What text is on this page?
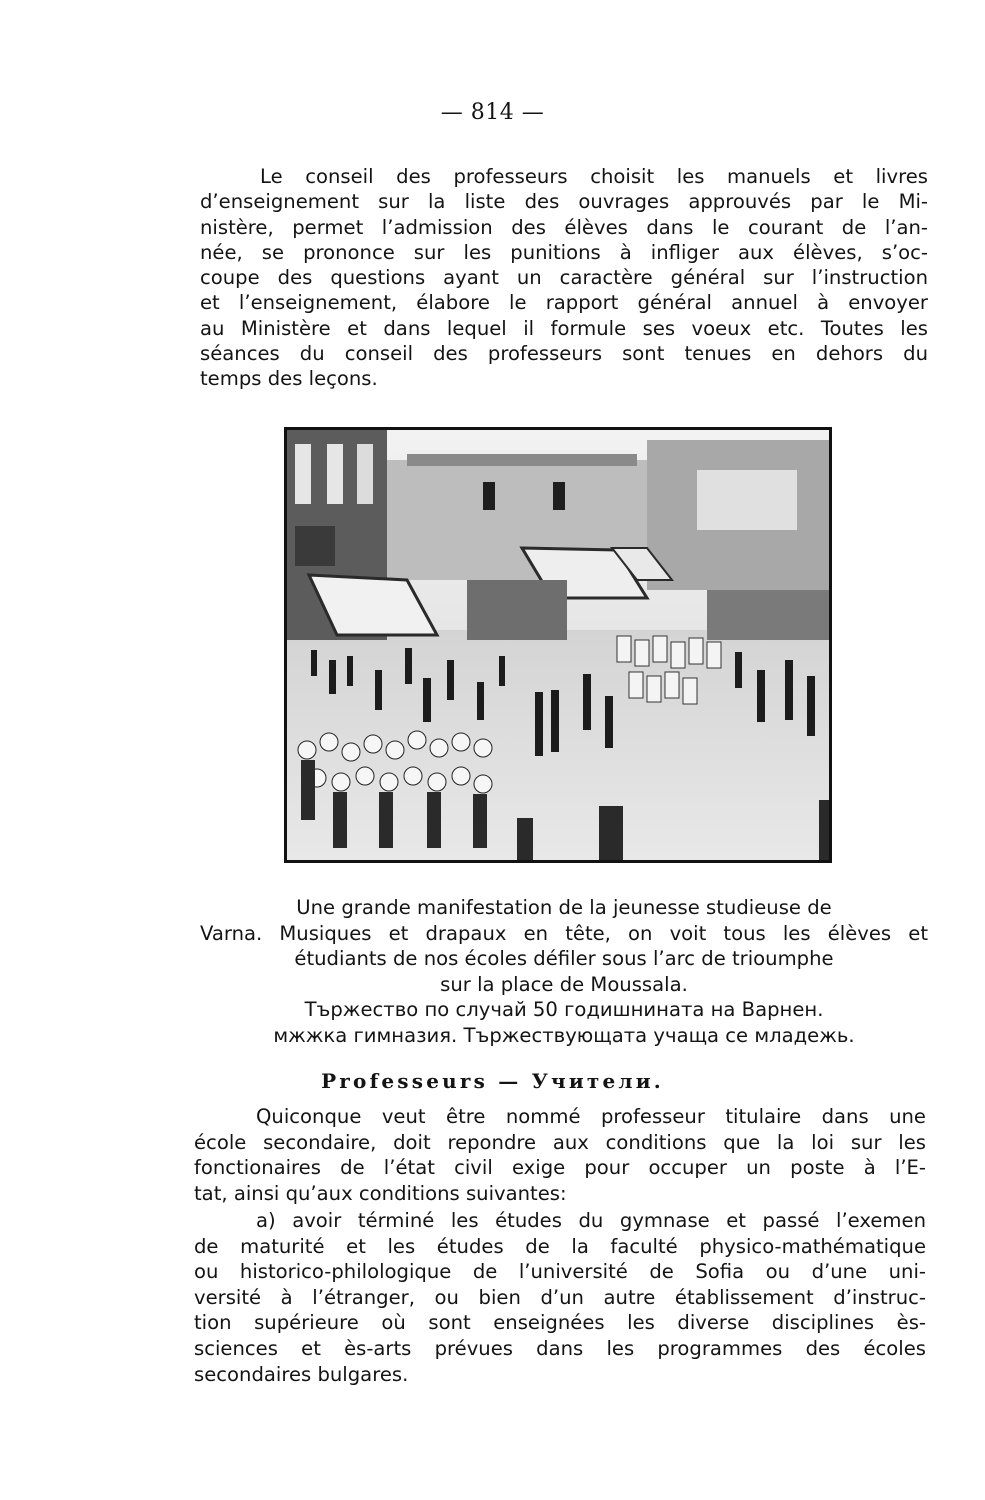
— 814 —
Le conseil des professeurs choisit les manuels et livres
d’enseignement sur la liste des ouvrages approuvés par le Mi-
nistère, permet l’admission des élèves dans le courant de l’an-
née, se prononce sur les punitions à infliger aux élèves, s’oc-
coupe des questions ayant un caractère général sur l’instruction
et l’enseignement, élabore le rapport général annuel à envoyer
au Ministère et dans lequel il formule ses voeux etc. Toutes les
séances du conseil des professeurs sont tenues en dehors du
temps des leçons.
Une grande manifestation de la jeunesse studieuse de
Varna. Musiques et drapaux en tête, on voit tous les élèves et
étudiants de nos écoles défiler sous l’arc de trioumphe
sur la place de Moussala.
Тържество по случай 50 годишнината на Варнен.
мжжка гимназия. Тържествующата учаща се младежь.
Professeurs — Учители.
Quiconque veut être nommé professeur titulaire dans une
école secondaire, doit repondre aux conditions que la loi sur les
fonctionaires de l’état civil exige pour occuper un poste à l’E-
tat, ainsi qu’aux conditions suivantes:
a) avoir términé les études du gymnase et passé l’exemen
de maturité et les études de la faculté physico-mathématique
ou historico-philologique de l’université de Sofia ou d’une uni-
versité à l’étranger, ou bien d’un autre établissement d’instruc-
tion supérieure où sont enseignées les diverse disciplines ès-
sciences et ès-arts prévues dans les programmes des écoles
secondaires bulgares.
